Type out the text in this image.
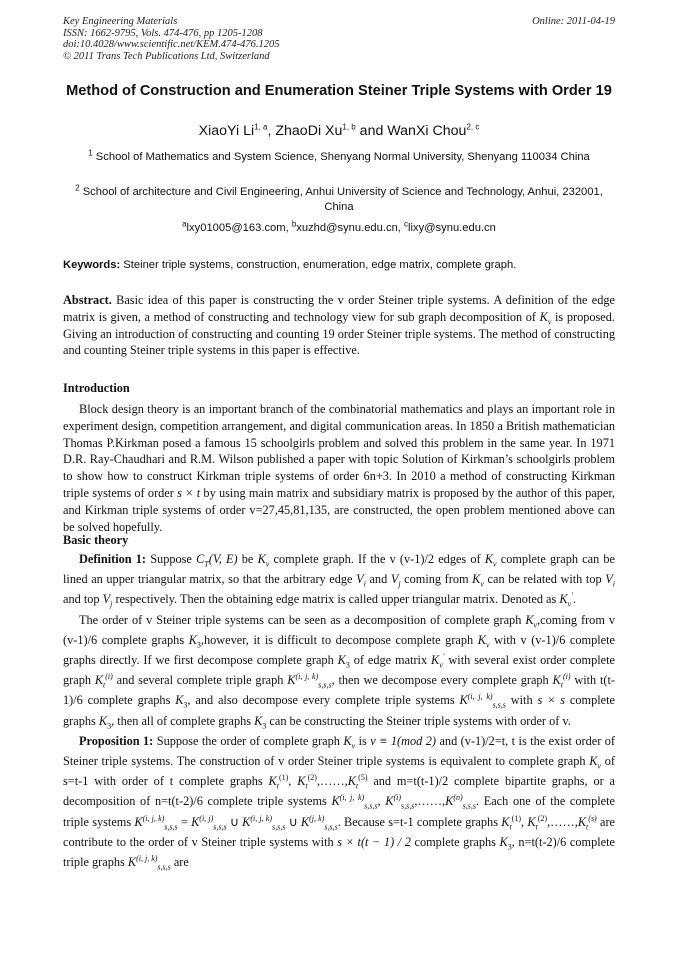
Key Engineering Materials
ISSN: 1662-9795, Vols. 474-476, pp 1205-1208
doi:10.4028/www.scientific.net/KEM.474-476.1205
© 2011 Trans Tech Publications Ltd, Switzerland
Online: 2011-04-19
Method of Construction and Enumeration Steiner Triple Systems with Order 19
XiaoYi Li$^{1, a}$, ZhaoDi Xu$^{1, b}$ and WanXi Chou$^{2, c}$
$^1$ School of Mathematics and System Science, Shenyang Normal University, Shenyang 110034 China
$^2$ School of architecture and Civil Engineering, Anhui University of Science and Technology, Anhui, 232001, China
$^a$lxy01005@163.com, $^b$xuzhd@synu.edu.cn, $^c$lixy@synu.edu.cn
Keywords: Steiner triple systems, construction, enumeration, edge matrix, complete graph.

Abstract. Basic idea of this paper is constructing the v order Steiner triple systems. A definition of the edge matrix is given, a method of constructing and technology view for sub graph decomposition of $K_v$ is proposed. Giving an introduction of constructing and counting 19 order Steiner triple systems. The method of constructing and counting Steiner triple systems in this paper is effective.

Introduction

Block design theory is an important branch of the combinatorial mathematics and plays an important role in experiment design, competition arrangement, and digital communication areas. In 1850 a British mathematician Thomas P.Kirkman posed a famous 15 schoolgirls problem and solved this problem in the same year. In 1971 D.R. Ray-Chaudhari and R.M. Wilson published a paper with topic Solution of Kirkman’s schoolgirls problem to show how to construct Kirkman triple systems of order 6n+3. In 2010 a method of constructing Kirkman triple systems of order s × t by using main matrix and subsidiary matrix is proposed by the author of this paper, and Kirkman triple systems of order v=27,45,81,135, are constructed, the open problem mentioned above can be solved hopefully.

Basic theory

Definition 1: Suppose $C_T(V$, E) be $K_v$ complete graph. If the v (v-1)/2 edges of $K_v$ complete graph can be lined an upper triangular matrix, so that the arbitrary edge $V_i$ and $V_j$ coming from $K_v$ can be related with top $V_i$ and top $V_j$ respectively. Then the obtaining edge matrix is called upper triangular matrix. Denoted as $K_v'$.

The order of v Steiner triple systems can be seen as a decomposition of complete graph $K_v,coming$ from v (v-1)/6 complete graphs $K_3,however$, it is difficult to decompose complete graph $K_v$ with v (v-1)/6 complete graphs directly. If we first decompose complete graph $K_3$ of edge matrix $K_v'$ with several exist order complete graph $K_t^{(i)}$ and several complete triple graph K$^{(i, j, k)}_{s,s,s}$, then we decompose every complete graph $K_t^{(i)}$ with t(t-1)/6 complete graphs $K_3$, and also decompose every complete triple systems K$^{(i, j, k)}_{s,s,s}$ with s × s complete graphs $K_3$, then all of complete graphs $K_3$ can be constructing the Steiner triple systems with order of v.

Proposition 1: Suppose the order of complete graph $K_v$ is v ≡ 1(mod 2) and (v-1)/2=t, t is the exist order of Steiner triple systems. The construction of v order Steiner triple systems is equivalent to complete graph $K_v$ of s=t-1 with order of t complete graphs $K_t^{(1)}$, $K_t^{(2)},\dots\dots,K_t^{(5)}$ and m=t(t-1)/2 complete bipartite graphs, or a decomposition of n=t(t-2)/6 complete triple systems K$^{(i, j, k)}_{s,s,s}$, $K^{(i)}_{s,s,s},\dots\dots,K^{(n)}_{s,s,s}$. Each one of the complete triple systems K$^{(i, j, k)}_{s,s,s}$ = K$^{(i, j)}_{s,s,s}$ ∪ K$^{(i, j, k)}_{s,s,s}$ ∪ K$^{(j, k)}_{s,s,s}$. Because s=t-1 complete graphs $K_t^{(1)}$, $K_t^{(2)},\dots\dots,K_t^{(s)}$ are contribute to the order of v Steiner triple systems with s × t(t − 1) / 2 complete graphs $K_3$, n=t(t-2)/6 complete triple graphs K$^{(i, j, k)}_{s,s,s}$ are
